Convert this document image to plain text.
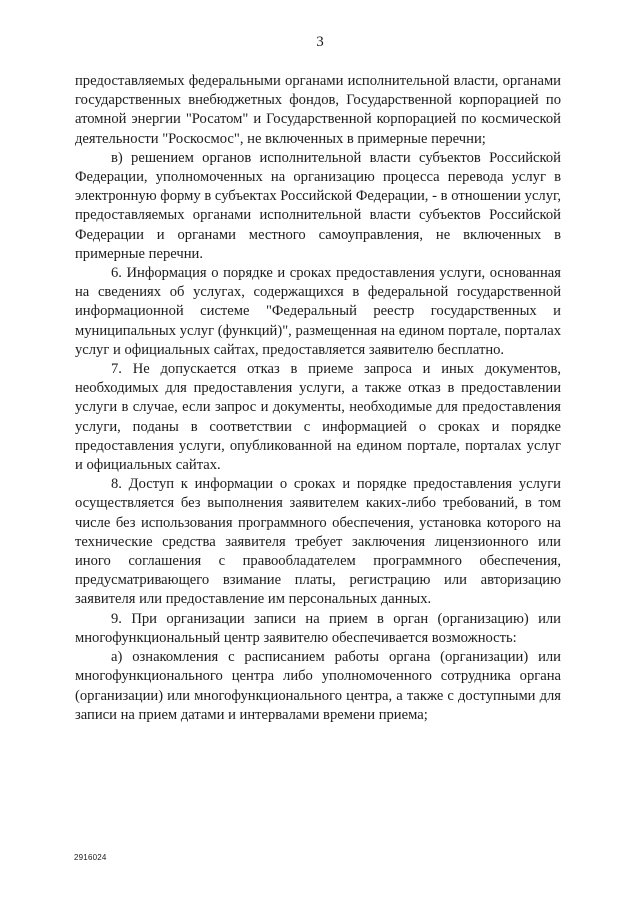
3

предоставляемых федеральными органами исполнительной власти, органами государственных внебюджетных фондов, Государственной корпорацией по атомной энергии "Росатом" и Государственной корпорацией по космической деятельности "Роскосмос", не включенных в примерные перечни;

в) решением органов исполнительной власти субъектов Российской Федерации, уполномоченных на организацию процесса перевода услуг в электронную форму в субъектах Российской Федерации, - в отношении услуг, предоставляемых органами исполнительной власти субъектов Российской Федерации и органами местного самоуправления, не включенных в примерные перечни.

6. Информация о порядке и сроках предоставления услуги, основанная на сведениях об услугах, содержащихся в федеральной государственной информационной системе "Федеральный реестр государственных и муниципальных услуг (функций)", размещенная на едином портале, порталах услуг и официальных сайтах, предоставляется заявителю бесплатно.

7. Не допускается отказ в приеме запроса и иных документов, необходимых для предоставления услуги, а также отказ в предоставлении услуги в случае, если запрос и документы, необходимые для предоставления услуги, поданы в соответствии с информацией о сроках и порядке предоставления услуги, опубликованной на едином портале, порталах услуг и официальных сайтах.

8. Доступ к информации о сроках и порядке предоставления услуги осуществляется без выполнения заявителем каких-либо требований, в том числе без использования программного обеспечения, установка которого на технические средства заявителя требует заключения лицензионного или иного соглашения с правообладателем программного обеспечения, предусматривающего взимание платы, регистрацию или авторизацию заявителя или предоставление им персональных данных.

9. При организации записи на прием в орган (организацию) или многофункциональный центр заявителю обеспечивается возможность:

а) ознакомления с расписанием работы органа (организации) или многофункционального центра либо уполномоченного сотрудника органа (организации) или многофункционального центра, а также с доступными для записи на прием датами и интервалами времени приема;

2916024
